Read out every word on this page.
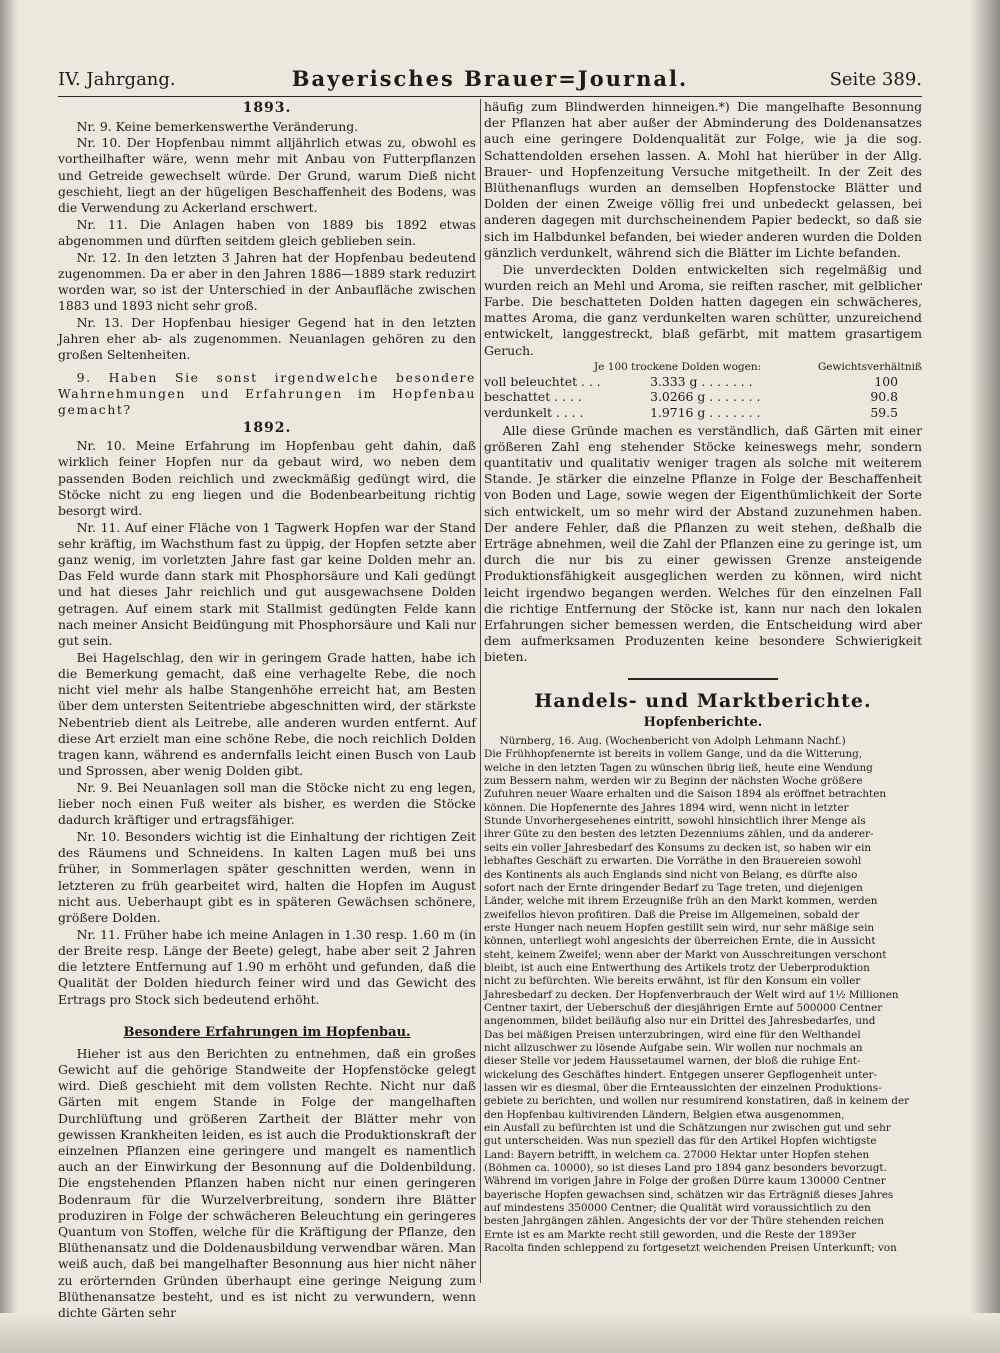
IV. Jahrgang.	Bayerisches Brauer=Journal.	Seite 389.

1893.

Nr. 9. Keine bemerkenswerthe Veränderung.

Nr. 10. Der Hopfenbau nimmt alljährlich etwas zu, obwohl es vortheilhafter wäre, wenn mehr mit Anbau von Futterpflanzen und Getreide gewechselt würde. Der Grund, warum Dieß nicht geschieht, liegt an der hügeligen Beschaffenheit des Bodens, was die Verwendung zu Ackerland erschwert.

Nr. 11. Die Anlagen haben von 1889 bis 1892 etwas abgenommen und dürften seitdem gleich geblieben sein.

Nr. 12. In den letzten 3 Jahren hat der Hopfenbau bedeutend zugenommen. Da er aber in den Jahren 1886—1889 stark reduzirt worden war, so ist der Unterschied in der Anbaufläche zwischen 1883 und 1893 nicht sehr groß.

Nr. 13. Der Hopfenbau hiesiger Gegend hat in den letzten Jahren eher ab- als zugenommen. Neuanlagen gehören zu den großen Seltenheiten.

9. Haben Sie sonst irgendwelche besondere Wahrnehmungen und Erfahrungen im Hopfenbau gemacht?

1892.

Nr. 10. Meine Erfahrung im Hopfenbau geht dahin, daß wirklich feiner Hopfen nur da gebaut wird, wo neben dem passenden Boden reichlich und zweckmäßig gedüngt wird, die Stöcke nicht zu eng liegen und die Bodenbearbeitung richtig besorgt wird.

Nr. 11. Auf einer Fläche von 1 Tagwerk Hopfen war der Stand sehr kräftig, im Wachsthum fast zu üppig, der Hopfen setzte aber ganz wenig, im vorletzten Jahre fast gar keine Dolden mehr an. Das Feld wurde dann stark mit Phosphorsäure und Kali gedüngt und hat dieses Jahr reichlich und gut ausgewachsene Dolden getragen. Auf einem stark mit Stallmist gedüngten Felde kann nach meiner Ansicht Beidüngung mit Phosphorsäure und Kali nur gut sein.

Bei Hagelschlag, den wir in geringem Grade hatten, habe ich die Bemerkung gemacht, daß eine verhagelte Rebe, die noch nicht viel mehr als halbe Stangenhöhe erreicht hat, am Besten über dem untersten Seitentriebe abgeschnitten wird, der stärkste Nebentrieb dient als Leitrebe, alle anderen wurden entfernt. Auf diese Art erzielt man eine schöne Rebe, die noch reichlich Dolden tragen kann, während es andernfalls leicht einen Busch von Laub und Sprossen, aber wenig Dolden gibt.

Nr. 9. Bei Neuanlagen soll man die Stöcke nicht zu eng legen, lieber noch einen Fuß weiter als bisher, es werden die Stöcke dadurch kräftiger und ertragsfähiger.

Nr. 10. Besonders wichtig ist die Einhaltung der richtigen Zeit des Räumens und Schneidens. In kalten Lagen muß bei uns früher, in Sommerlagen später geschnitten werden, wenn in letzteren zu früh gearbeitet wird, halten die Hopfen im August nicht aus. Ueberhaupt gibt es in späteren Gewächsen schönere, größere Dolden.

Nr. 11. Früher habe ich meine Anlagen in 1.30 resp. 1.60 m (in der Breite resp. Länge der Beete) gelegt, habe aber seit 2 Jahren die letztere Entfernung auf 1.90 m erhöht und gefunden, daß die Qualität der Dolden hiedurch feiner wird und das Gewicht des Ertrags pro Stock sich bedeutend erhöht.

Besondere Erfahrungen im Hopfenbau.

Hieher ist aus den Berichten zu entnehmen, daß ein großes Gewicht auf die gehörige Standweite der Hopfenstöcke gelegt wird. Dieß geschieht mit dem vollsten Rechte. Nicht nur daß Gärten mit engem Stande in Folge der mangelhaften Durchlüftung und größeren Zartheit der Blätter mehr von gewissen Krankheiten leiden, es ist auch die Produktionskraft der einzelnen Pflanzen eine geringere und mangelt es namentlich auch an der Einwirkung der Besonnung auf die Doldenbildung. Die engstehenden Pflanzen haben nicht nur einen geringeren Bodenraum für die Wurzelverbreitung, sondern ihre Blätter produziren in Folge der schwächeren Beleuchtung ein geringeres Quantum von Stoffen, welche für die Kräftigung der Pflanze, den Blüthenansatz und die Doldenausbildung verwendbar wären. Man weiß auch, daß bei mangelhafter Besonnung aus hier nicht näher zu erörternden Gründen überhaupt eine geringe Neigung zum Blüthenansatze besteht, und es ist nicht zu verwundern, wenn dichte Gärten sehr

häufig zum Blindwerden hinneigen.*) Die mangelhafte Besonnung der Pflanzen hat aber außer der Abminderung des Doldenansatzes auch eine geringere Doldenqualität zur Folge, wie ja die sog. Schattendolden ersehen lassen. A. Mohl hat hierüber in der Allg. Brauer- und Hopfenzeitung Versuche mitgetheilt. In der Zeit des Blüthenanflugs wurden an demselben Hopfenstocke Blätter und Dolden der einen Zweige völlig frei und unbedeckt gelassen, bei anderen dagegen mit durchscheinendem Papier bedeckt, so daß sie sich im Halbdunkel befanden, bei wieder anderen wurden die Dolden gänzlich verdunkelt, während sich die Blätter im Lichte befanden.

Die unverdeckten Dolden entwickelten sich regelmäßig und wurden reich an Mehl und Aroma, sie reiften rascher, mit gelblicher Farbe. Die beschatteten Dolden hatten dagegen ein schwächeres, mattes Aroma, die ganz verdunkelten waren schütter, unzureichend entwickelt, langgestreckt, blaß gefärbt, mit mattem grasartigem Geruch.

Je 100 trockene Dolden wogen:		Gewichtsverhältniß
voll beleuchtet . . .	3.333 g . . . . . . .	100
beschattet . . . .	3.0266 g . . . . . . .	90.8
verdunkelt . . . .	1.9716 g . . . . . . .	59.5

Alle diese Gründe machen es verständlich, daß Gärten mit einer größeren Zahl eng stehender Stöcke keineswegs mehr, sondern quantitativ und qualitativ weniger tragen als solche mit weiterem Stande. Je stärker die einzelne Pflanze in Folge der Beschaffenheit von Boden und Lage, sowie wegen der Eigenthümlichkeit der Sorte sich entwickelt, um so mehr wird der Abstand zuzunehmen haben. Der andere Fehler, daß die Pflanzen zu weit stehen, deßhalb die Erträge abnehmen, weil die Zahl der Pflanzen eine zu geringe ist, um durch die nur bis zu einer gewissen Grenze ansteigende Produktionsfähigkeit ausgeglichen werden zu können, wird nicht leicht irgendwo begangen werden. Welches für den einzelnen Fall die richtige Entfernung der Stöcke ist, kann nur nach den lokalen Erfahrungen sicher bemessen werden, die Entscheidung wird aber dem aufmerksamen Produzenten keine besondere Schwierigkeit bieten.

Handels- und Marktberichte.

Hopfenberichte.

Nürnberg, 16. Aug. (Wochenbericht von Adolph Lehmann Nachf.)

Die Frühhopfenernte ist bereits in vollem Gange, und da die Witterung,

welche in den letzten Tagen zu wünschen übrig ließ, heute eine Wendung

zum Bessern nahm, werden wir zu Beginn der nächsten Woche größere

Zufuhren neuer Waare erhalten und die Saison 1894 als eröffnet betrachten

können. Die Hopfenernte des Jahres 1894 wird, wenn nicht in letzter

Stunde Unvorhergesehenes eintritt, sowohl hinsichtlich ihrer Menge als

ihrer Güte zu den besten des letzten Dezenniums zählen, und da anderer-

seits ein voller Jahresbedarf des Konsums zu decken ist, so haben wir ein

lebhaftes Geschäft zu erwarten. Die Vorräthe in den Brauereien sowohl

des Kontinents als auch Englands sind nicht von Belang, es dürfte also

sofort nach der Ernte dringender Bedarf zu Tage treten, und diejenigen

Länder, welche mit ihrem Erzeugniße früh an den Markt kommen, werden

zweifellos hievon profitiren. Daß die Preise im Allgemeinen, sobald der

erste Hunger nach neuem Hopfen gestillt sein wird, nur sehr mäßige sein

können, unterliegt wohl angesichts der überreichen Ernte, die in Aussicht

steht, keinem Zweifel; wenn aber der Markt von Ausschreitungen verschont

bleibt, ist auch eine Entwerthung des Artikels trotz der Ueberproduktion

nicht zu befürchten. Wie bereits erwähnt, ist für den Konsum ein voller

Jahresbedarf zu decken. Der Hopfenverbrauch der Welt wird auf 1½ Millionen

Centner taxirt, der Ueberschuß der diesjährigen Ernte auf 500000 Centner

angenommen, bildet beiläufig also nur ein Drittel des Jahresbedarfes, und

Das bei mäßigen Preisen unterzubringen, wird eine für den Welthandel

nicht allzuschwer zu lösende Aufgabe sein. Wir wollen nur nochmals an

dieser Stelle vor jedem Haussetaumel warnen, der bloß die ruhige Ent-

wickelung des Geschäftes hindert. Entgegen unserer Gepflogenheit unter-

lassen wir es diesmal, über die Ernteaussichten der einzelnen Produktions-

gebiete zu berichten, und wollen nur resumirend konstatiren, daß in keinem der

den Hopfenbau kultivirenden Ländern, Belgien etwa ausgenommen,

ein Ausfall zu befürchten ist und die Schätzungen nur zwischen gut und sehr

gut unterscheiden. Was nun speziell das für den Artikel Hopfen wichtigste

Land: Bayern betrifft, in welchem ca. 27000 Hektar unter Hopfen stehen

(Böhmen ca. 10000), so ist dieses Land pro 1894 ganz besonders bevorzugt.

Während im vorigen Jahre in Folge der großen Dürre kaum 130000 Centner

bayerische Hopfen gewachsen sind, schätzen wir das Erträgniß dieses Jahres

auf mindestens 350000 Centner; die Qualität wird voraussichtlich zu den

besten Jahrgängen zählen. Angesichts der vor der Thüre stehenden reichen

Ernte ist es am Markte recht still geworden, und die Reste der 1893er

Racolta finden schleppend zu fortgesetzt weichenden Preisen Unterkunft; von
